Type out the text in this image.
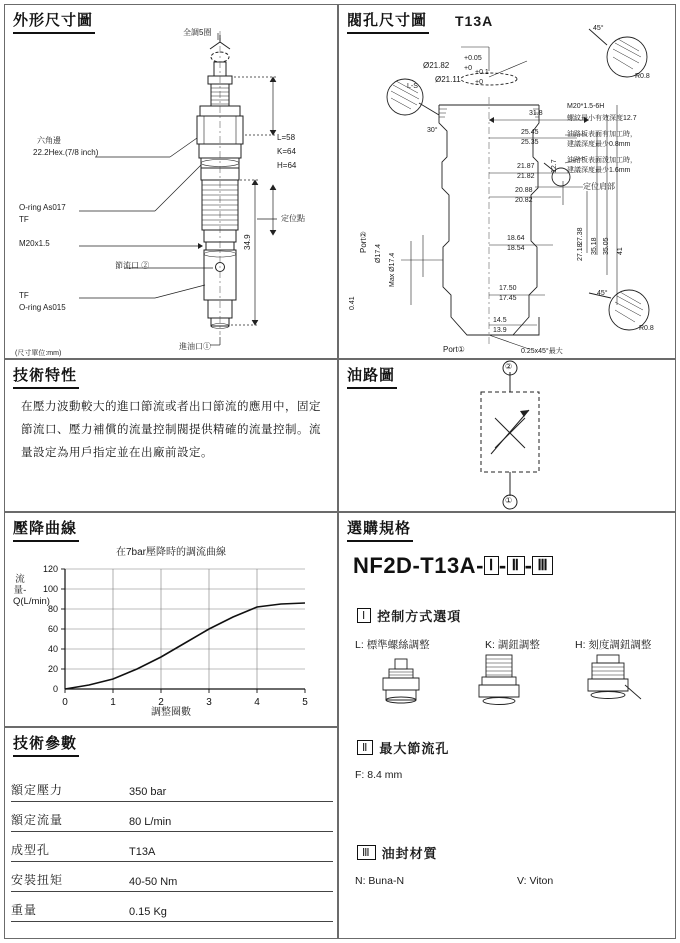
外形尺寸圖
全調5圈
六角邊
22.2Hex.(7/8 inch)
O-ring As017
TF
M20x1.5
TF
O-ring As015
節流口 ②
進油口①
L=58
K=64
H=64
定位點
34.9
(尺寸單位:mm)
閥孔尺寸圖 T13A
L-S
Ø21.82
+0.05
+0
Ø21.11
+0.1
+0
30°
45°
R0.8
45°
R0.8
M20*1.5-6H
螺紋最小有效深度12.7
油路板表面有加工時，
建議深度最少0.8mm
油路板表面泼加工時，
建議深度最少1.6mm
定位肩部
Port②
Ø17.4 Max Ø17.4
0.41
Port①	0.25x45°最大
31.8
25.45
25.35
21.87
21.82
20.88
20.82
18.64
18.54
17.50
17.45
14.5
13.9
12.7
27.38
27.18 35.18 35.05 41
技術特性
在壓力波動較大的進口節流或者出口節流的應用中，固定節流口、壓力補償的流量控制閥提供精確的流量控制。流量設定為用戶指定並在出廠前設定。
油路圖
②
①
壓降曲線
在7bar壓降時的調流曲線
流量-Q(L/min)
調整圈數
120
100
80
60
40
20
0
0	1	2	3	4	5
技術參數
額定壓力	350 bar
額定流量	80 L/min
成型孔	T13A
安裝扭矩	40-50 Nm
重量	0.15 Kg
選購規格
NF2D-T13A- Ⅰ - Ⅱ - Ⅲ
Ⅰ 控制方式選項
L: 標準螺絲調整	K: 調鈕調整	H: 刻度調鈕調整
Ⅱ 最大節流孔
F: 8.4 mm
Ⅲ 油封材質
N: Buna-N	V: Viton
